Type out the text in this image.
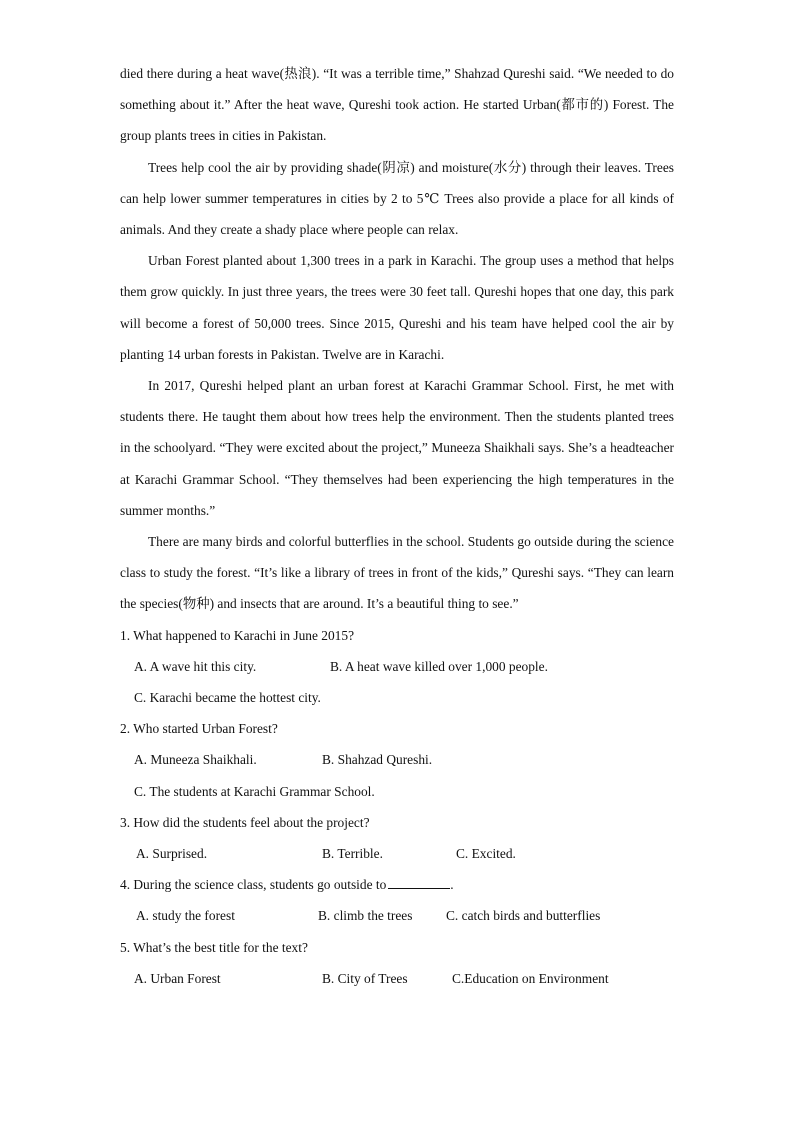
died there during a heat wave(热浪). “It was a terrible time,” Shahzad Qureshi said. “We needed to do something about it.” After the heat wave, Qureshi took action. He started Urban(都市的) Forest. The group plants trees in cities in Pakistan.

Trees help cool the air by providing shade(阴凉) and moisture(水分) through their leaves. Trees can help lower summer temperatures in cities by 2 to 5℃ Trees also provide a place for all kinds of animals. And they create a shady place where people can relax.

Urban Forest planted about 1,300 trees in a park in Karachi. The group uses a method that helps them grow quickly. In just three years, the trees were 30 feet tall. Qureshi hopes that one day, this park will become a forest of 50,000 trees. Since 2015, Qureshi and his team have helped cool the air by planting 14 urban forests in Pakistan. Twelve are in Karachi.

In 2017, Qureshi helped plant an urban forest at Karachi Grammar School. First, he met with students there. He taught them about how trees help the environment. Then the students planted trees in the schoolyard. “They were excited about the project,” Muneeza Shaikhali says. She’s a headteacher at Karachi Grammar School. “They themselves had been experiencing the high temperatures in the summer months.”

There are many birds and colorful butterflies in the school. Students go outside during the science class to study the forest. “It’s like a library of trees in front of the kids,” Qureshi says. “They can learn the species(物种) and insects that are around. It’s a beautiful thing to see.”

1. What happened to Karachi in June 2015?

A. A wave hit this city.	B. A heat wave killed over 1,000 people.
C. Karachi became the hottest city.

2. Who started Urban Forest?

A. Muneeza Shaikhali.	B. Shahzad Qureshi.
C. The students at Karachi Grammar School.

3. How did the students feel about the project?

A. Surprised.	B. Terrible.	C. Excited.

4. During the science class, students go outside to	.

A. study the forest	B. climb the trees	C. catch birds and butterflies

5. What’s the best title for the text?

A. Urban Forest	B. City of Trees	C.Education on Environment
